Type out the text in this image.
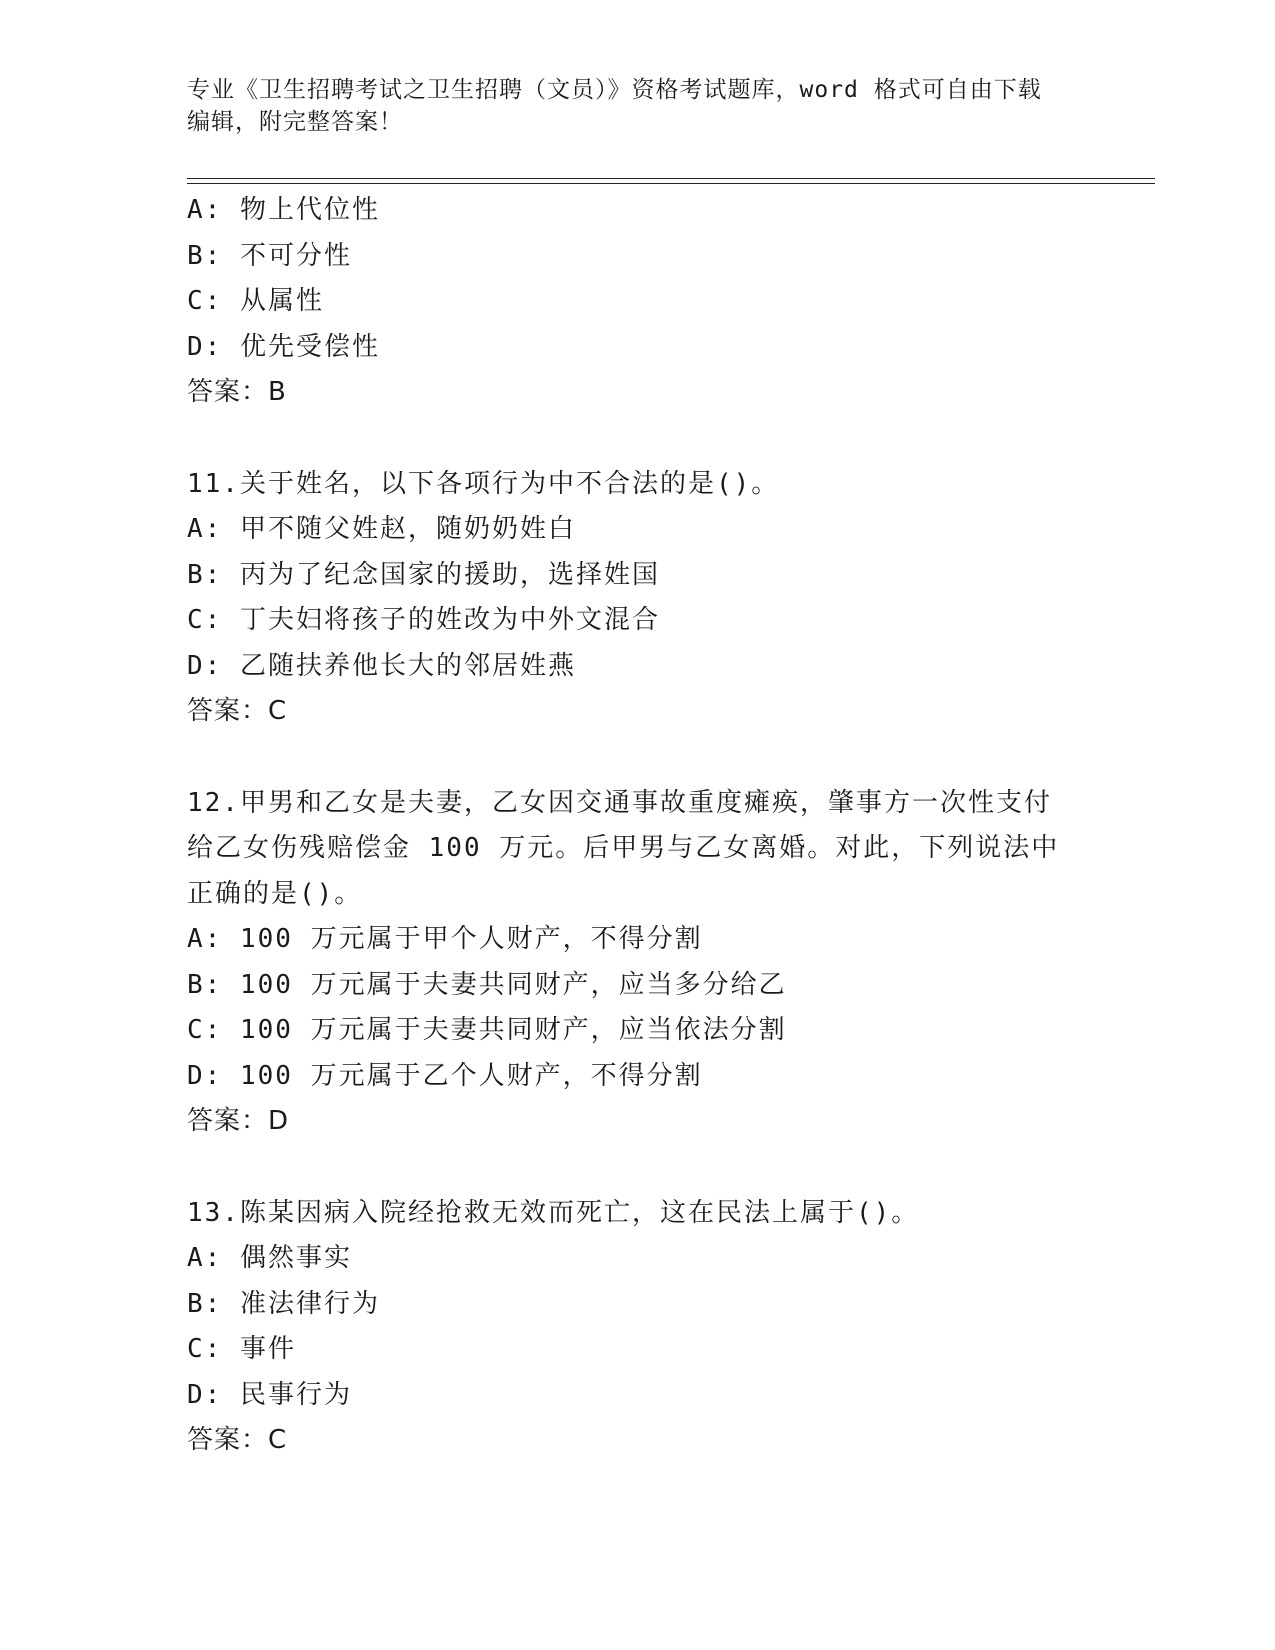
专业《卫生招聘考试之卫生招聘（文员）》资格考试题库，word 格式可自由下载
编辑，附完整答案！
A: 物上代位性
B: 不可分性
C: 从属性
D: 优先受偿性
答案：B
11.关于姓名，以下各项行为中不合法的是()。
A: 甲不随父姓赵，随奶奶姓白
B: 丙为了纪念国家的援助，选择姓国
C: 丁夫妇将孩子的姓改为中外文混合
D: 乙随扶养他长大的邻居姓燕
答案：C
12.甲男和乙女是夫妻，乙女因交通事故重度瘫痪，肇事方一次性支付
给乙女伤残赔偿金 100 万元。后甲男与乙女离婚。对此，下列说法中
正确的是()。
A: 100 万元属于甲个人财产，不得分割
B: 100 万元属于夫妻共同财产，应当多分给乙
C: 100 万元属于夫妻共同财产，应当依法分割
D: 100 万元属于乙个人财产，不得分割
答案：D
13.陈某因病入院经抢救无效而死亡，这在民法上属于()。
A: 偶然事实
B: 准法律行为
C: 事件
D: 民事行为
答案：C
